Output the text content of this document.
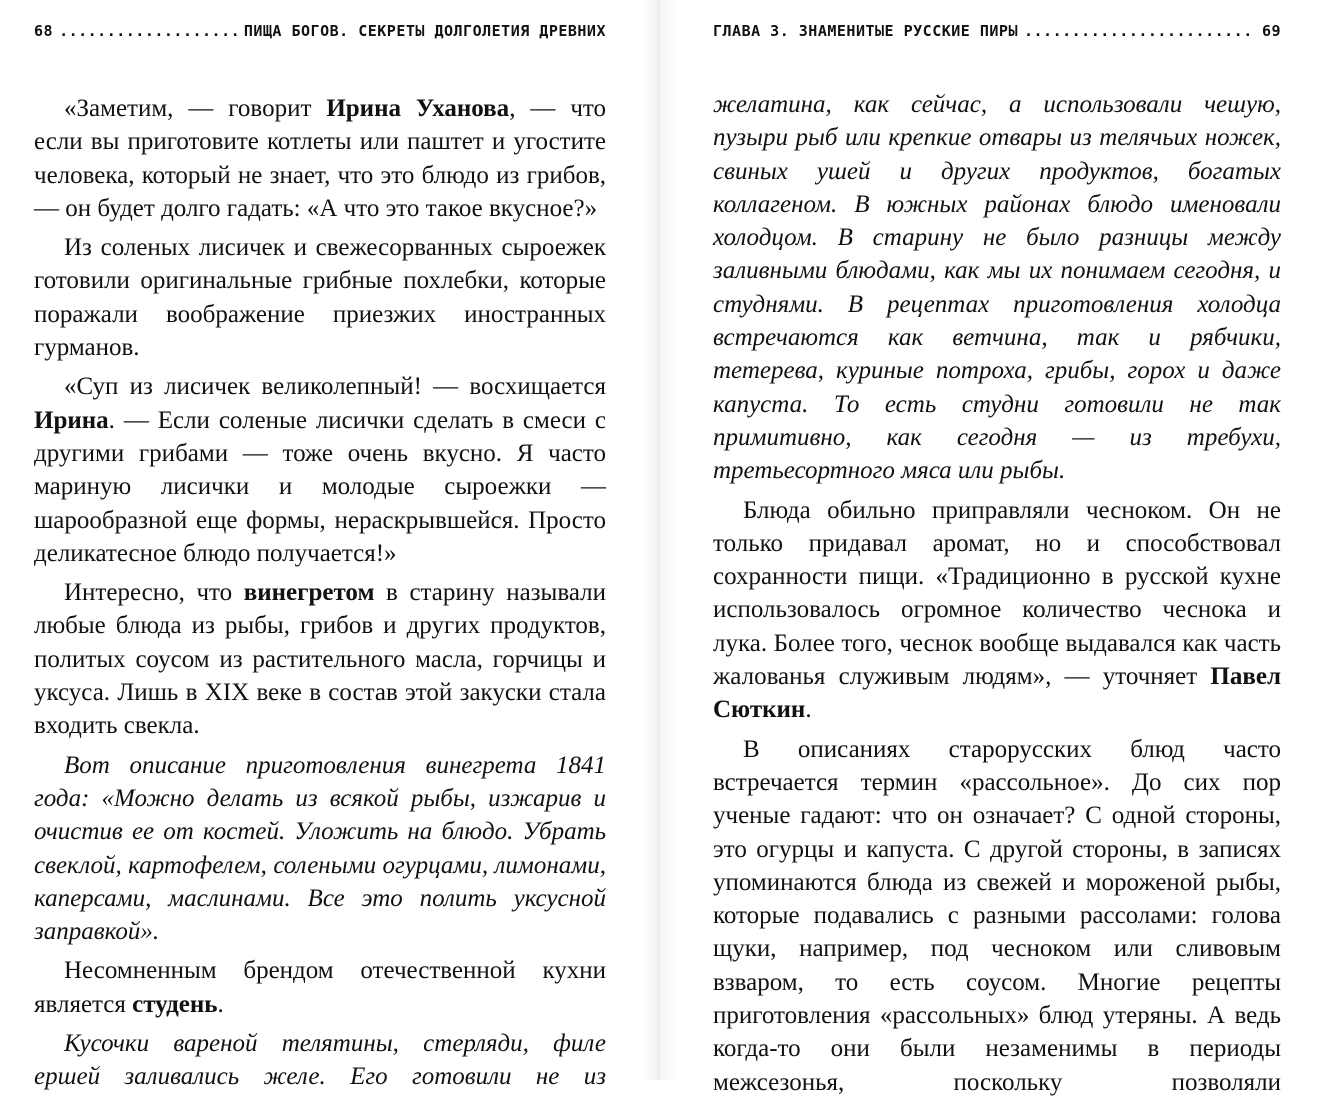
68 .....	ПИЩА БОГОВ. СЕКРЕТЫ ДОЛГОЛЕТИЯ ДРЕВНИХ

«Заметим, — говорит Ирина Уханова, — что если вы приготовите котлеты или паштет и угостите человека, который не знает, что это блюдо из грибов, — он будет долго гадать: «А что это такое вкусное?»

Из соленых лисичек и свежесорванных сыроежек готовили оригинальные грибные похлебки, которые поражали воображение приезжих иностранных гурманов.

«Суп из лисичек великолепный! — восхищается Ирина. — Если соленые лисички сделать в смеси с другими грибами — тоже очень вкусно. Я часто мариную лисички и молодые сыроежки — шарообразной еще формы, нераскрывшейся. Просто деликатесное блюдо получается!»

Интересно, что винегретом в старину называли любые блюда из рыбы, грибов и других продуктов, политых соусом из растительного масла, горчицы и уксуса. Лишь в XIX веке в состав этой закуски стала входить свекла.

Вот описание приготовления винегрета 1841 года: «Можно делать из всякой рыбы, изжарив и очистив ее от костей. Уложить на блюдо. Убрать свеклой, картофелем, солеными огурцами, лимонами, каперсами, маслинами. Все это полить уксусной заправкой».

Несомненным брендом отечественной кухни является студень.

Кусочки вареной телятины, стерляди, филе ершей заливались желе. Его готовили не из

ГЛАВА 3. ЗНАМЕНИТЫЕ РУССКИЕ ПИРЫ .....	69

желатина, как сейчас, а использовали чешую, пузыри рыб или крепкие отвары из телячьих ножек, свиных ушей и других продуктов, богатых коллагеном. В южных районах блюдо именовали холодцом. В старину не было разницы между заливными блюдами, как мы их понимаем сегодня, и студнями. В рецептах приготовления холодца встречаются как ветчина, так и рябчики, тетерева, куриные потроха, грибы, горох и даже капуста. То есть студни готовили не так примитивно, как сегодня — из требухи, третьесортного мяса или рыбы.

Блюда обильно приправляли чесноком. Он не только придавал аромат, но и способствовал сохранности пищи. «Традиционно в русской кухне использовалось огромное количество чеснока и лука. Более того, чеснок вообще выдавался как часть жалованья служивым людям», — уточняет Павел Сюткин.

В описаниях старорусских блюд часто встречается термин «рассольное». До сих пор ученые гадают: что он означает? С одной стороны, это огурцы и капуста. С другой стороны, в записях упоминаются блюда из свежей и мороженой рыбы, которые подавались с разными рассолами: голова щуки, например, под чесноком или сливовым взваром, то есть соусом. Многие рецепты приготовления «рассольных» блюд утеряны. А ведь когда-то они были незаменимы в периоды межсезонья, поскольку позволяли
